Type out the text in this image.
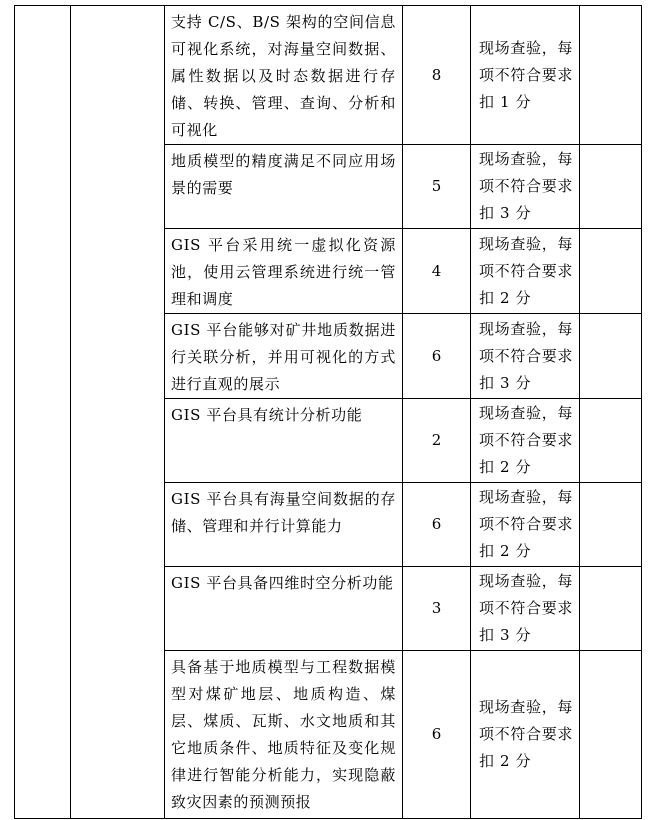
		支持 C/S、B/S 架构的空间信息可视化系统，对海量空间数据、属性数据以及时态数据进行存储、转换、管理、查询、分析和可视化	8	现场查验，每项不符合要求扣 1 分	

		地质模型的精度满足不同应用场景的需要	5	现场查验，每项不符合要求扣 3 分	

		GIS 平台采用统一虚拟化资源池，使用云管理系统进行统一管理和调度	4	现场查验，每项不符合要求扣 2 分	

		GIS 平台能够对矿井地质数据进行关联分析，并用可视化的方式进行直观的展示	6	现场查验，每项不符合要求扣 3 分	

		GIS 平台具有统计分析功能	2	现场查验，每项不符合要求扣 2 分	

		GIS 平台具有海量空间数据的存储、管理和并行计算能力	6	现场查验，每项不符合要求扣 2 分	

		GIS 平台具备四维时空分析功能	3	现场查验，每项不符合要求扣 3 分	

		具备基于地质模型与工程数据模型对煤矿地层、地质构造、煤层、煤质、瓦斯、水文地质和其它地质条件、地质特征及变化规律进行智能分析能力，实现隐蔽致灾因素的预测预报	6	现场查验，每项不符合要求扣 2 分	
